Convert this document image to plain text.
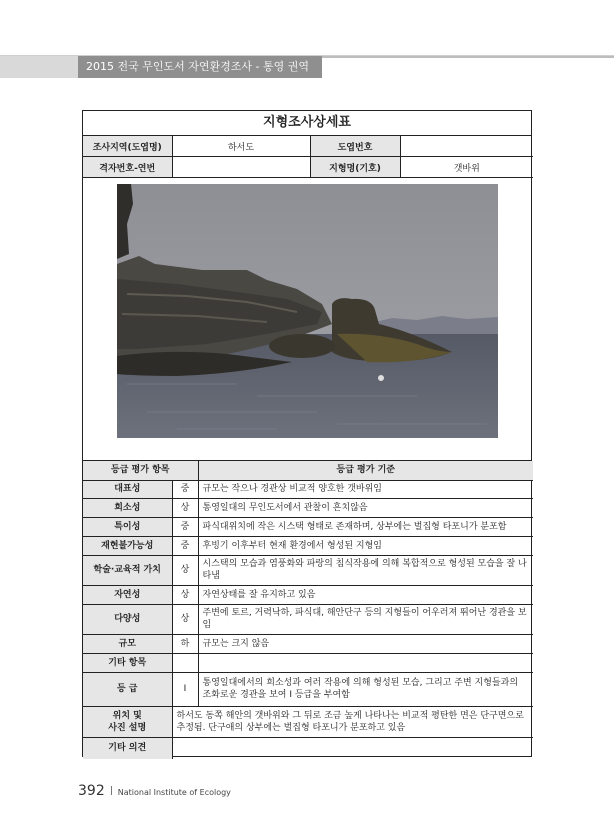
2015 전국 무인도서 자연환경조사 - 통영 권역
지형조사상세표
조사지역(도엽명)	하서도	도엽번호	
격자번호-연번		지형명(기호)	갯바위
등급 평가 항목		등급 평가 기준
대표성	중	규모는 작으나 경관상 비교적 양호한 갯바위임
희소성	상	통영일대의 무인도서에서 관찰이 흔치않음
특이성	중	파식대위치에 작은 시스택 형태로 존재하며, 상부에는 벌집형 타포니가 분포함
재현불가능성	중	후빙기 이후부터 현재 환경에서 형성된 지형임
학술·교육적 가치	상	시스택의 모습과 염풍화와 파랑의 침식작용에 의해 복합적으로 형성된 모습을 잘 나타냄
자연성	상	자연상태를 잘 유지하고 있음
다양성	상	주변에 토르, 거력낙하, 파식대, 해안단구 등의 지형들이 어우러져 뛰어난 경관을 보임
규모	하	규모는 크지 않음
기타 항목		
등 급	I	통영일대에서의 희소성과 여러 작용에 의해 형성된 모습, 그리고 주변 지형들과의 조화로운 경관을 보여 I 등급을 부여함

위치 및
사진 설명	하서도 동쪽 해안의 갯바위와 그 뒤로 조금 높게 나타나는 비교적 평탄한 면은 단구면으로 추정됨. 단구애의 상부에는 벌집형 타포니가 분포하고 있음	
기타 의견		
392 National Institute of Ecology
